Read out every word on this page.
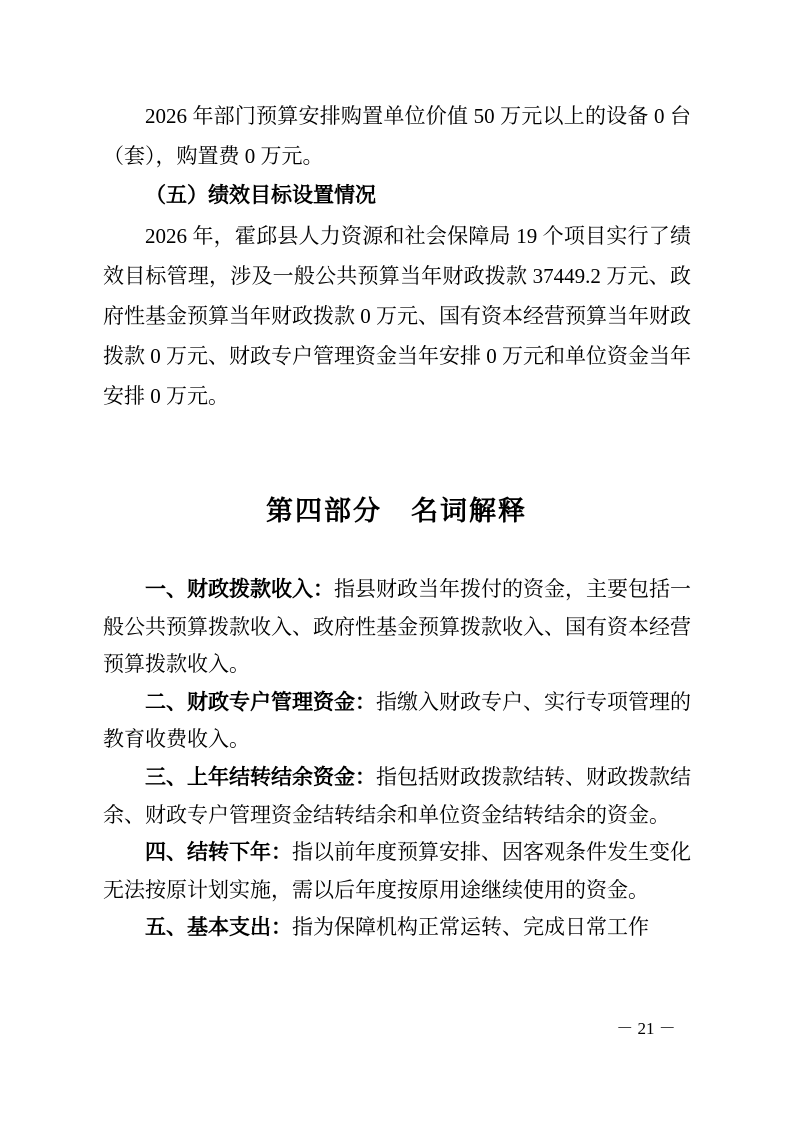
2026 年部门预算安排购置单位价值 50 万元以上的设备 0 台（套），购置费 0 万元。

（五）绩效目标设置情况

2026 年，霍邱县人力资源和社会保障局 19 个项目实行了绩效目标管理，涉及一般公共预算当年财政拨款 37449.2 万元、政府性基金预算当年财政拨款 0 万元、国有资本经营预算当年财政拨款 0 万元、财政专户管理资金当年安排 0 万元和单位资金当年安排 0 万元。

第四部分　名词解释

一、财政拨款收入：指县财政当年拨付的资金，主要包括一般公共预算拨款收入、政府性基金预算拨款收入、国有资本经营预算拨款收入。

二、财政专户管理资金：指缴入财政专户、实行专项管理的教育收费收入。

三、上年结转结余资金：指包括财政拨款结转、财政拨款结余、财政专户管理资金结转结余和单位资金结转结余的资金。

四、结转下年：指以前年度预算安排、因客观条件发生变化无法按原计划实施，需以后年度按原用途继续使用的资金。

五、基本支出：指为保障机构正常运转、完成日常工作

－ 21 －
